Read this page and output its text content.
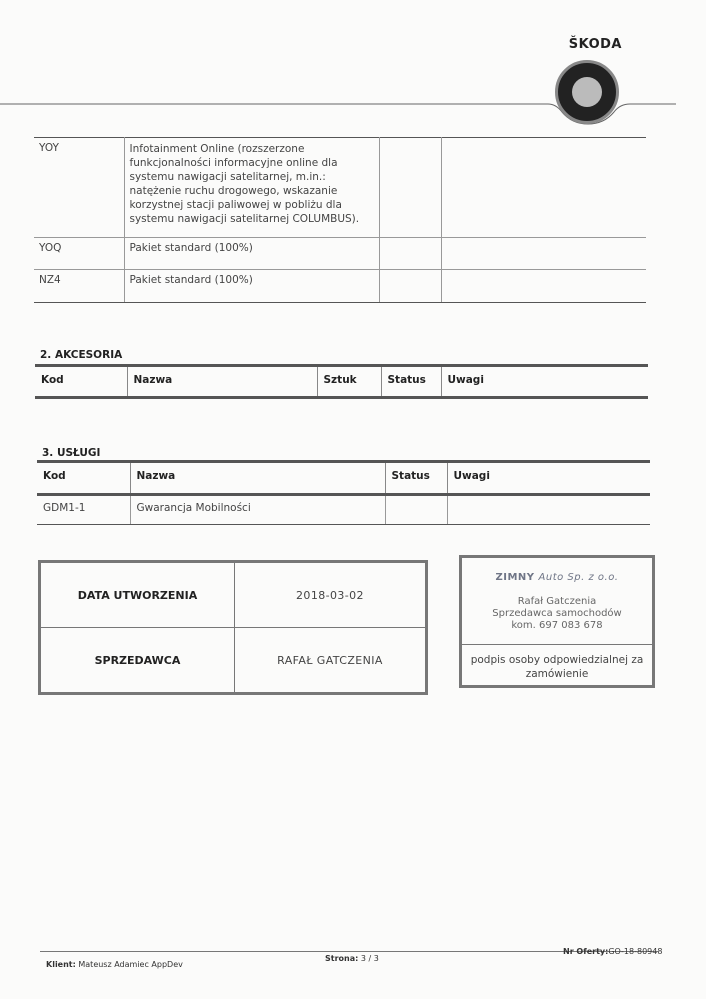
ŠKODA
YOY	Infotainment Online (rozszerzone funkcjonalności informacyjne online dla systemu nawigacji satelitarnej, m.in.: natężenie ruchu drogowego, wskazanie korzystnej stacji paliwowej w pobliżu dla systemu nawigacji satelitarnej COLUMBUS).		
YOQ	Pakiet standard (100%)		
NZ4	Pakiet standard (100%)		
2. AKCESORIA
Kod	Nazwa	Sztuk	Status	Uwagi
3. USŁUGI
Kod	Nazwa	Status	Uwagi
GDM1-1	Gwarancja Mobilności		
DATA UTWORZENIA	2018-03-02
SPRZEDAWCA	RAFAŁ GATCZENIA
ZIMNY Auto Sp. z o.o.
Rafał Gatczenia
Sprzedawca samochodów
kom. 697 083 678
podpis osoby odpowiedzialnej za zamówienie
Klient: Mateusz Adamiec AppDev
Strona: 3 / 3
Nr Oferty:GO-18-80948
